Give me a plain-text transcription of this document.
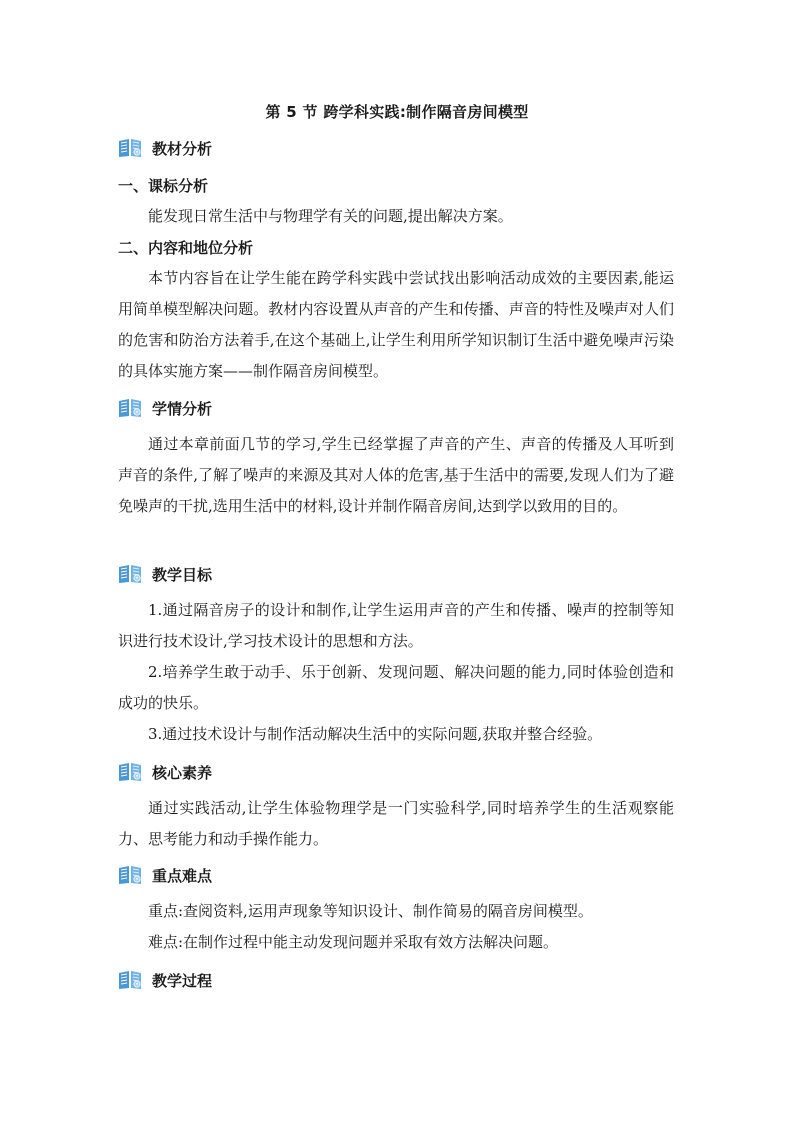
第 5 节 跨学科实践:制作隔音房间模型
教材分析
一、课标分析

能发现日常生活中与物理学有关的问题,提出解决方案。

二、内容和地位分析

本节内容旨在让学生能在跨学科实践中尝试找出影响活动成效的主要因素,能运用简单模型解决问题。教材内容设置从声音的产生和传播、声音的特性及噪声对人们的危害和防治方法着手,在这个基础上,让学生利用所学知识制订生活中避免噪声污染的具体实施方案——制作隔音房间模型。

学情分析

通过本章前面几节的学习,学生已经掌握了声音的产生、声音的传播及人耳听到声音的条件,了解了噪声的来源及其对人体的危害,基于生活中的需要,发现人们为了避免噪声的干扰,选用生活中的材料,设计并制作隔音房间,达到学以致用的目的。

教学目标

1.通过隔音房子的设计和制作,让学生运用声音的产生和传播、噪声的控制等知识进行技术设计,学习技术设计的思想和方法。

2.培养学生敢于动手、乐于创新、发现问题、解决问题的能力,同时体验创造和成功的快乐。

3.通过技术设计与制作活动解决生活中的实际问题,获取并整合经验。

核心素养

通过实践活动,让学生体验物理学是一门实验科学,同时培养学生的生活观察能力、思考能力和动手操作能力。

重点难点

重点:查阅资料,运用声现象等知识设计、制作简易的隔音房间模型。

难点:在制作过程中能主动发现问题并采取有效方法解决问题。

教学过程
